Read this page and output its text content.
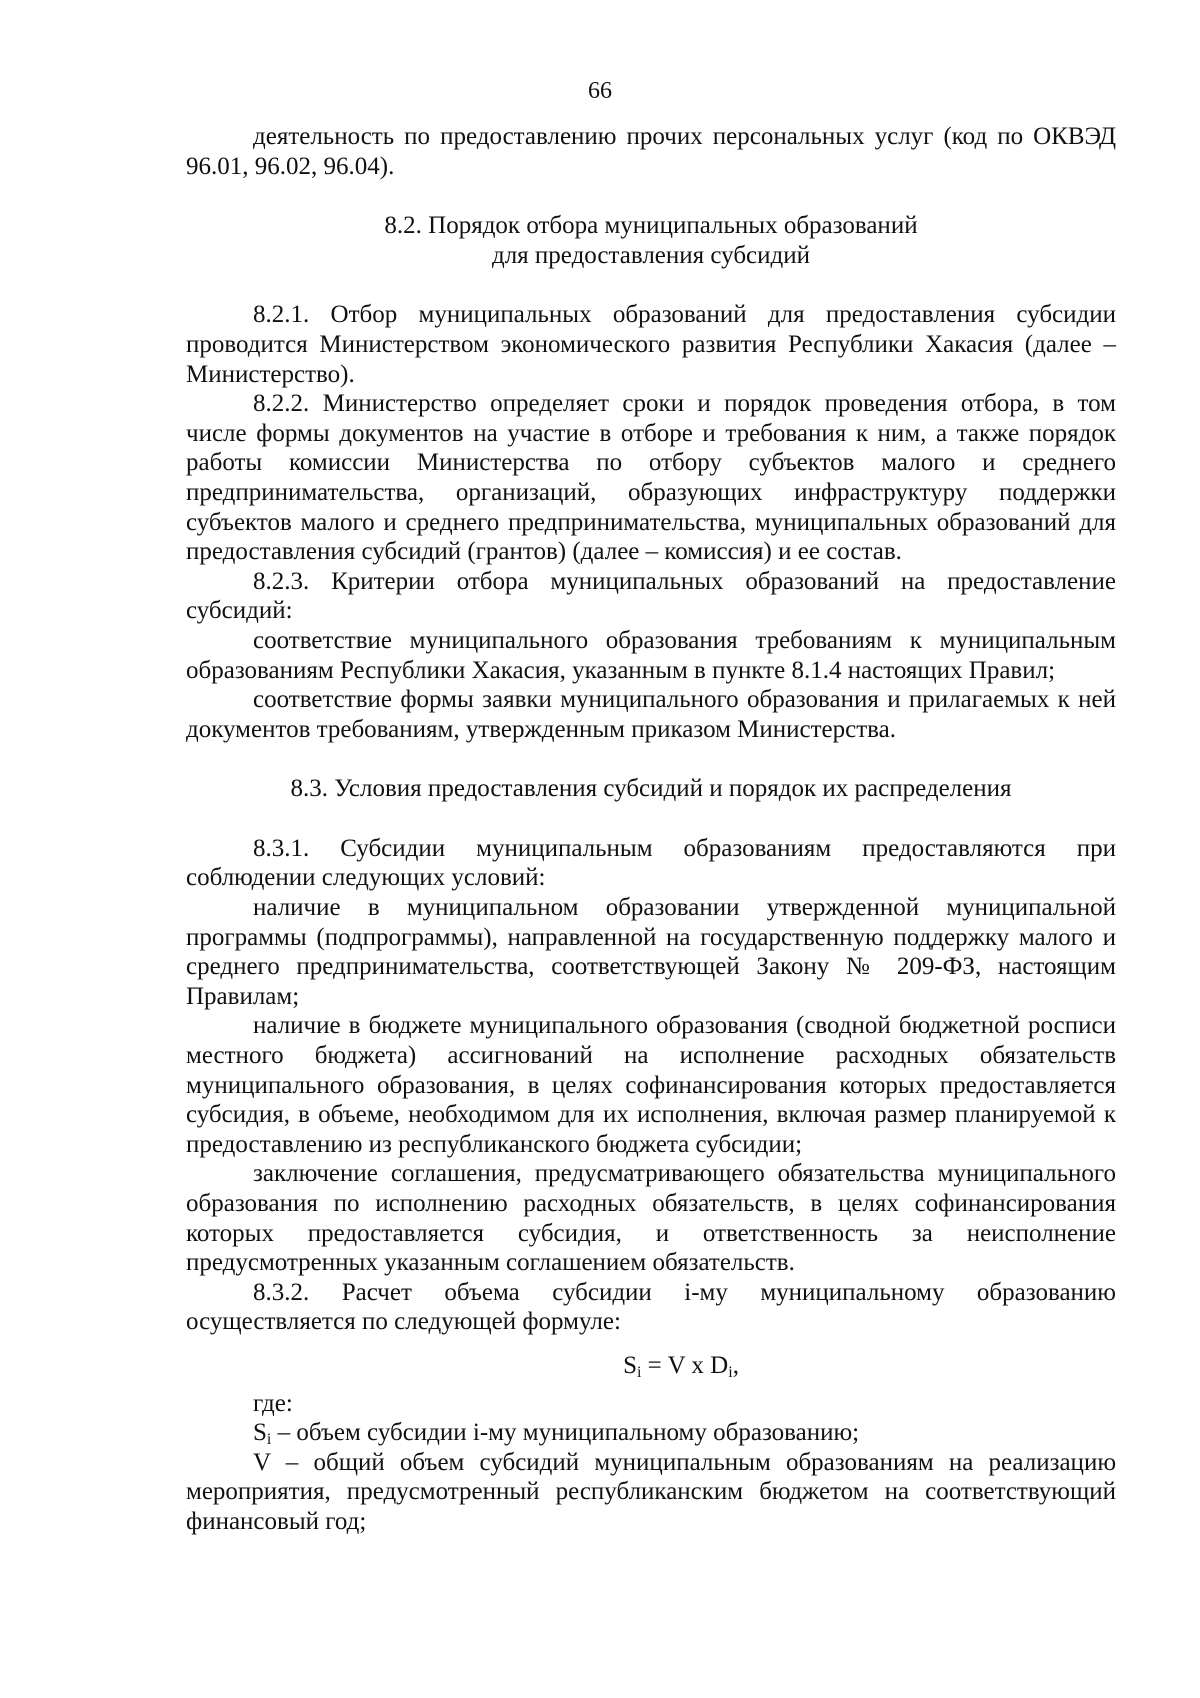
66

деятельность по предоставлению прочих персональных услуг (код по ОКВЭД 96.01, 96.02, 96.04).

8.2. Порядок отбора муниципальных образований
для предоставления субсидий

8.2.1. Отбор муниципальных образований для предоставления субсидии проводится Министерством экономического развития Республики Хакасия (далее – Министерство).

8.2.2. Министерство определяет сроки и порядок проведения отбора, в том числе формы документов на участие в отборе и требования к ним, а также порядок работы комиссии Министерства по отбору субъектов малого и среднего предпринимательства, организаций, образующих инфраструктуру поддержки субъектов малого и среднего предпринимательства, муниципальных образований для предоставления субсидий (грантов) (далее – комиссия) и ее состав.

8.2.3. Критерии отбора муниципальных образований на предоставление субсидий:

соответствие муниципального образования требованиям к муниципальным образованиям Республики Хакасия, указанным в пункте 8.1.4 настоящих Правил;

соответствие формы заявки муниципального образования и прилагаемых к ней документов требованиям, утвержденным приказом Министерства.

8.3. Условия предоставления субсидий и порядок их распределения

8.3.1. Субсидии муниципальным образованиям предоставляются при соблюдении следующих условий:

наличие в муниципальном образовании утвержденной муниципальной программы (подпрограммы), направленной на государственную поддержку малого и среднего предпринимательства, соответствующей Закону № 209-ФЗ, настоящим Правилам;

наличие в бюджете муниципального образования (сводной бюджетной росписи местного бюджета) ассигнований на исполнение расходных обязательств муниципального образования, в целях софинансирования которых предоставляется субсидия, в объеме, необходимом для их исполнения, включая размер планируемой к предоставлению из республиканского бюджета субсидии;

заключение соглашения, предусматривающего обязательства муниципального образования по исполнению расходных обязательств, в целях софинансирования которых предоставляется субсидия, и ответственность за неисполнение предусмотренных указанным соглашением обязательств.

8.3.2. Расчет объема субсидии i-му муниципальному образованию осуществляется по следующей формуле:

$S_i = V$ x $D_i$,

где:

$S_i$ – объем субсидии i-му муниципальному образованию;

V – общий объем субсидий муниципальным образованиям на реализацию мероприятия, предусмотренный республиканским бюджетом на соответствующий финансовый год;
